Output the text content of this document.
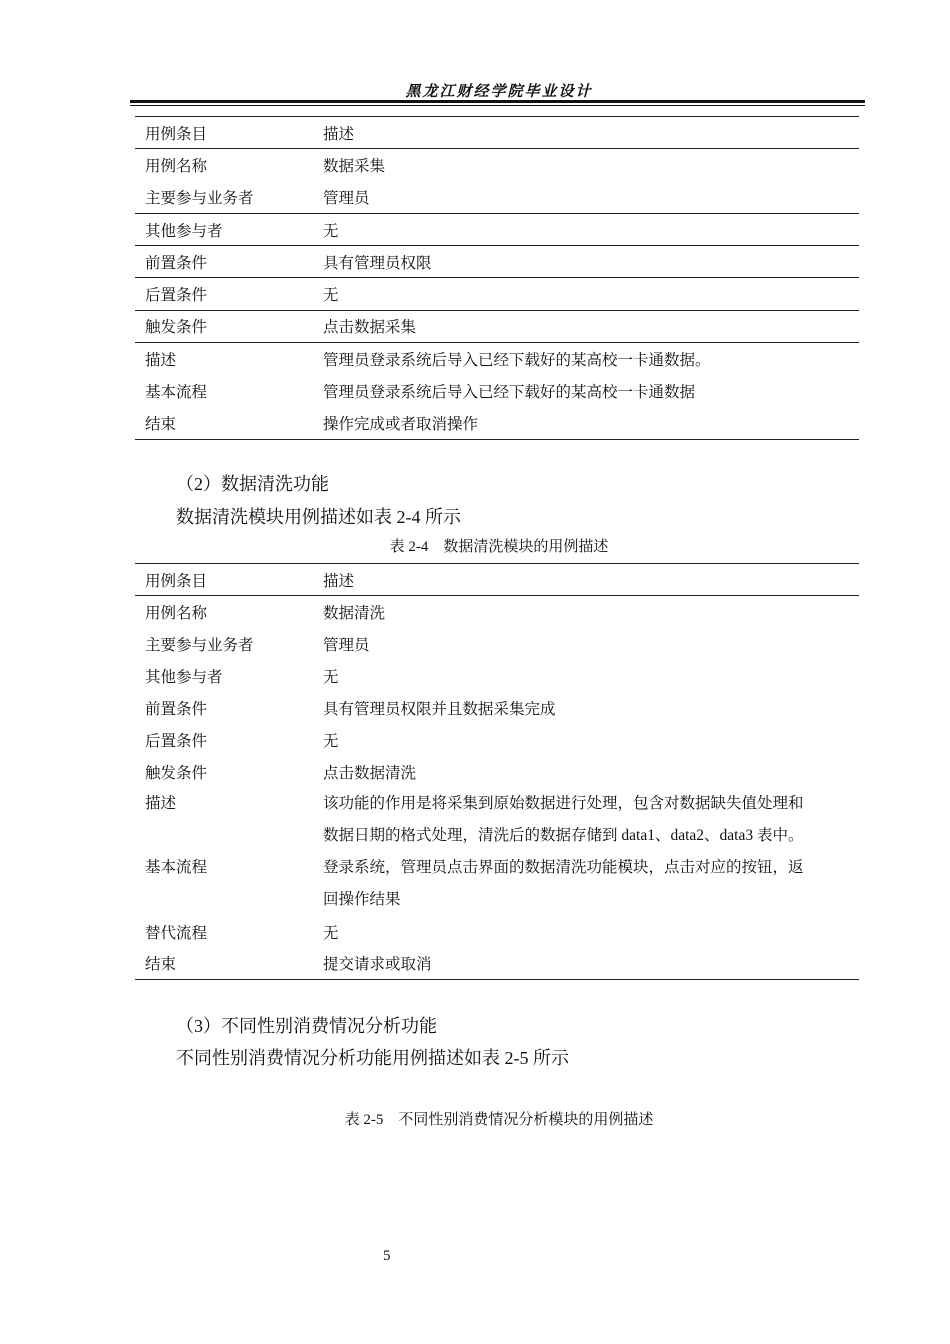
黑龙江财经学院毕业设计
用例条目	描述
用例名称	数据采集
主要参与业务者	管理员
其他参与者	无
前置条件	具有管理员权限
后置条件	无
触发条件	点击数据采集
描述	管理员登录系统后导入已经下载好的某高校一卡通数据。
基本流程	管理员登录系统后导入已经下载好的某高校一卡通数据
结束	操作完成或者取消操作
（2）数据清洗功能
数据清洗模块用例描述如表 2-4 所示
表 2-4　数据清洗模块的用例描述
用例条目	描述
用例名称	数据清洗
主要参与业务者	管理员
其他参与者	无
前置条件	具有管理员权限并且数据采集完成
后置条件	无
触发条件	点击数据清洗
描述	该功能的作用是将采集到原始数据进行处理，包含对数据缺失值处理和
数据日期的格式处理，清洗后的数据存储到 data1、data2、data3 表中。

基本流程	登录系统，管理员点击界面的数据清洗功能模块，点击对应的按钮，返
回操作结果

替代流程	无
结束	提交请求或取消
（3）不同性别消费情况分析功能
不同性别消费情况分析功能用例描述如表 2-5 所示
表 2-5　不同性别消费情况分析模块的用例描述
5
